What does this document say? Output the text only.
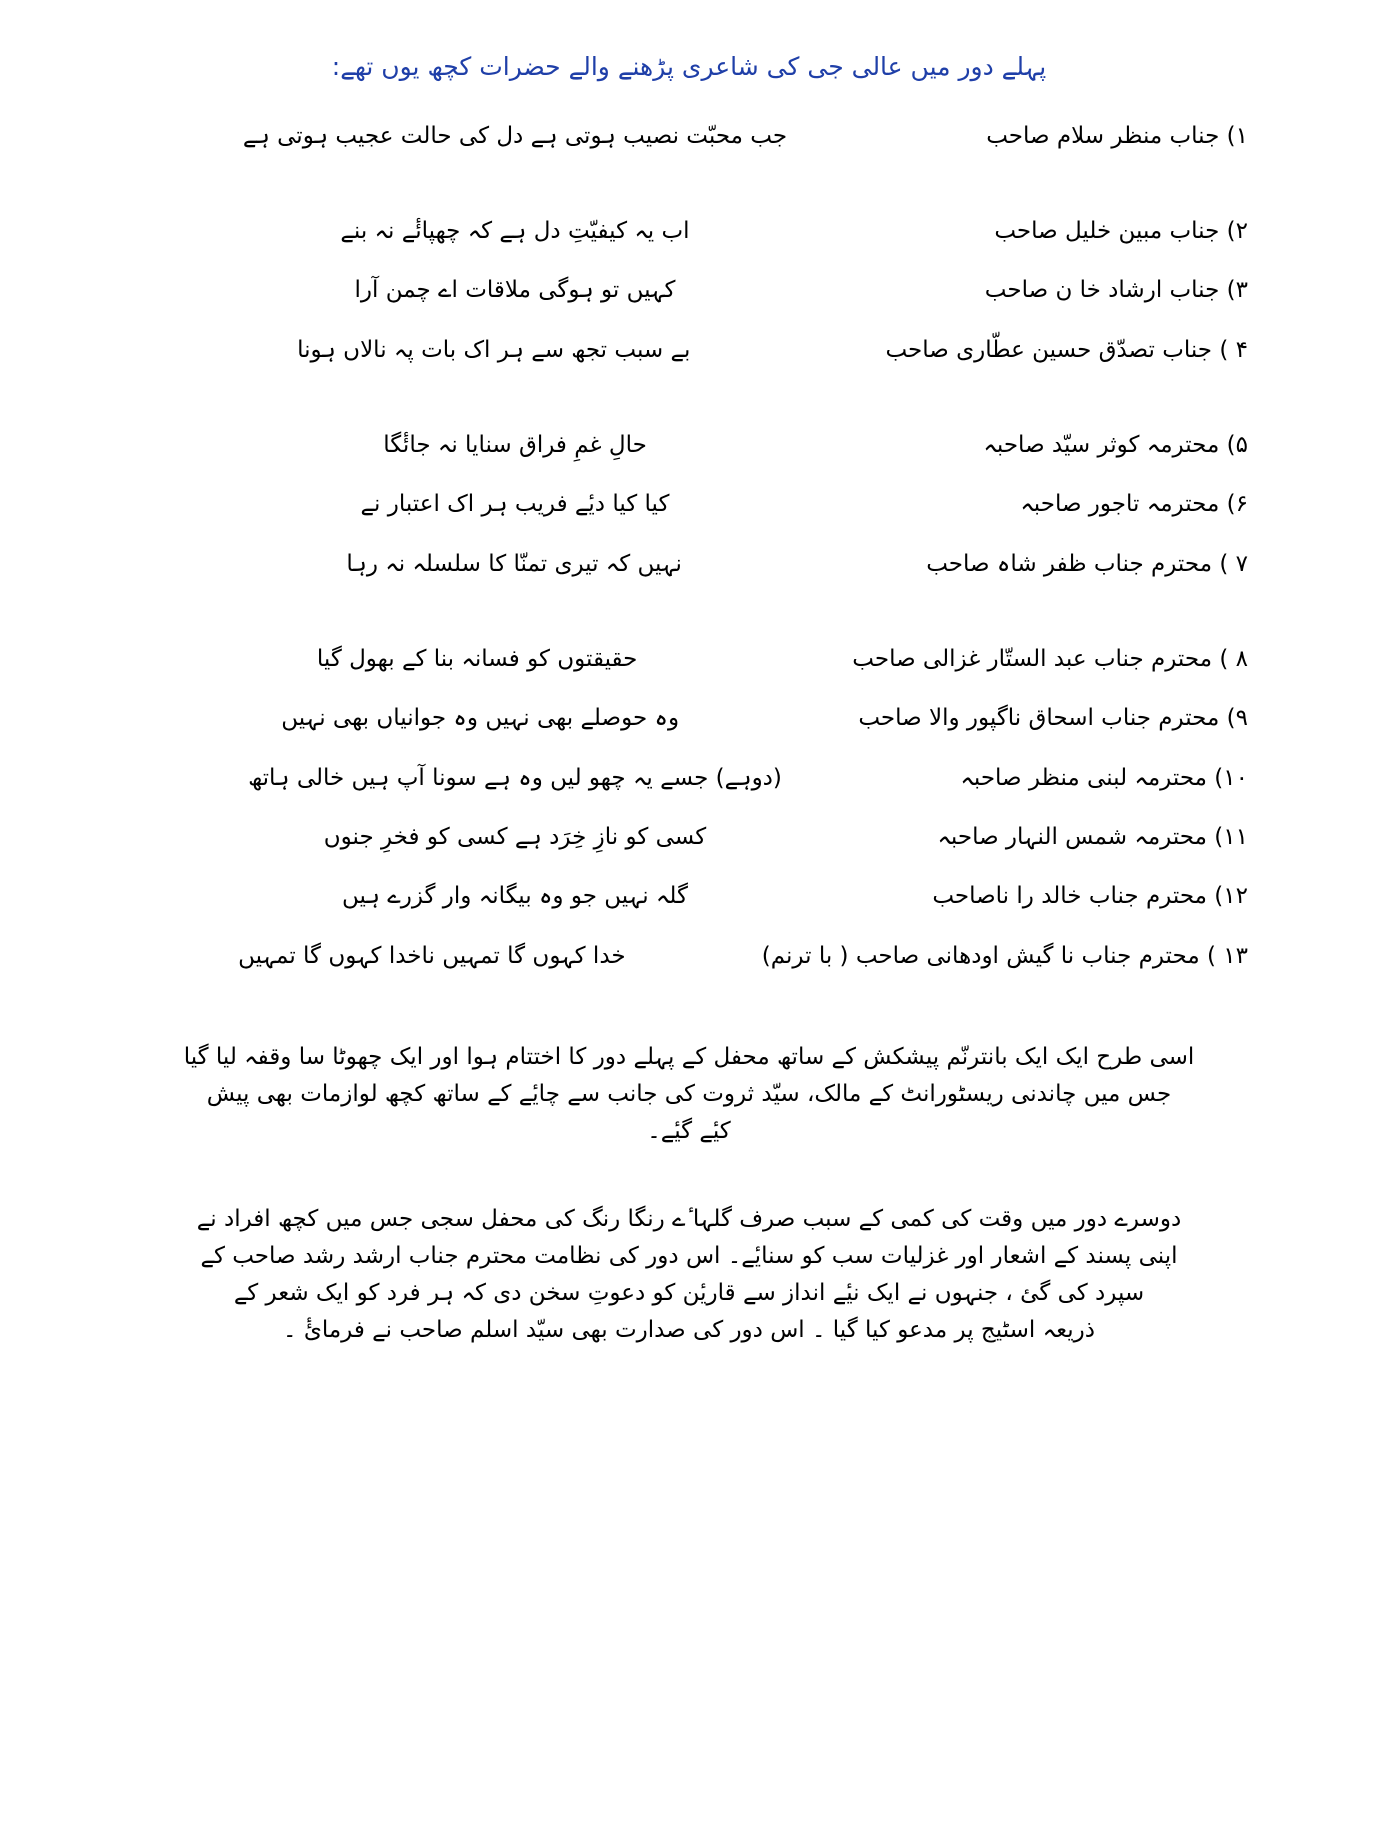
پہلے دور میں عالی جی کی شاعری پڑھنے والے حضرات کچھ یوں تھے:
۱) جناب منظر سلام صاحب
جب محبّت نصیب ہوتی ہے دل کی حالت عجیب ہوتی ہے
۲) جناب مبین خلیل صاحب
اب یہ کیفیّتِ دل ہے کہ چھپائٔے نہ بنے
۳) جناب ارشاد خا ن صاحب
کہیں تو ہوگی ملاقات اے چمن آرا
۴ ) جناب تصدّق حسین عطّاری صاحب
بے سبب تجھ سے ہر اک بات پہ نالاں ہونا
۵) محترمہ کوثر سیّد صاحبہ
حالِ غمِ فراق سنایا نہ جائٔگا
۶) محترمہ تاجور صاحبہ
کیا کیا دیٔے فریب ہر اک اعتبار نے
۷ ) محترم جناب ظفر شاہ صاحب
نہیں کہ تیری تمنّا کا سلسلہ نہ رہا
۸ ) محترم جناب عبد الستّار غزالی صاحب
حقیقتوں کو فسانہ بنا کے بھول گیا
۹) محترم جناب اسحاق ناگپور والا صاحب
وہ حوصلے بھی نہیں وہ جوانیاں بھی نہیں
۱۰) محترمہ لبنی منظر صاحبہ
(دوہے) جسے یہ چھو لیں وہ ہے سونا آپ ہیں خالی ہاتھ
۱۱) محترمہ شمس النہار صاحبہ
کسی کو نازِ خِرَد ہے کسی کو فخرِ جنوں
۱۲) محترم جناب خالد را ناصاحب
گلہ نہیں جو وہ بیگانہ وار گزرے ہیں
۱۳ ) محترم جناب نا گیش اودھانی صاحب ( با ترنم)
خدا کہوں گا تمہیں ناخدا کہوں گا تمہیں

اسی طرح ایک ایک بانترنّم پیشکش کے ساتھ محفل کے پہلے دور کا اختتام ہوا اور ایک چھوٹا سا وقفہ لیا گیا
جس میں چاندنی ریسٹورانٹ کے مالک، سیّد ثروت کی جانب سے چایٔے کے ساتھ کچھ لوازمات بھی پیش
کیٔے گیٔے۔

دوسرے دور میں وقت کی کمی کے سبب صرف گلہا ٔے رنگا رنگ کی محفل سجی جس میں کچھ افراد نے
اپنی پسند کے اشعار اور غزلیات سب کو سنایٔے۔ اس دور کی نظامت محترم جناب ارشد رشد صاحب کے
سپرد کی گئ ، جنہوں نے ایک نیٔے انداز سے قاریٔن کو دعوتِ سخن دی کہ ہر فرد کو ایک شعر کے
ذریعہ اسٹیج پر مدعو کیا گیا ۔ اس دور کی صدارت بھی سیّد اسلم صاحب نے فرمائٔ ۔
